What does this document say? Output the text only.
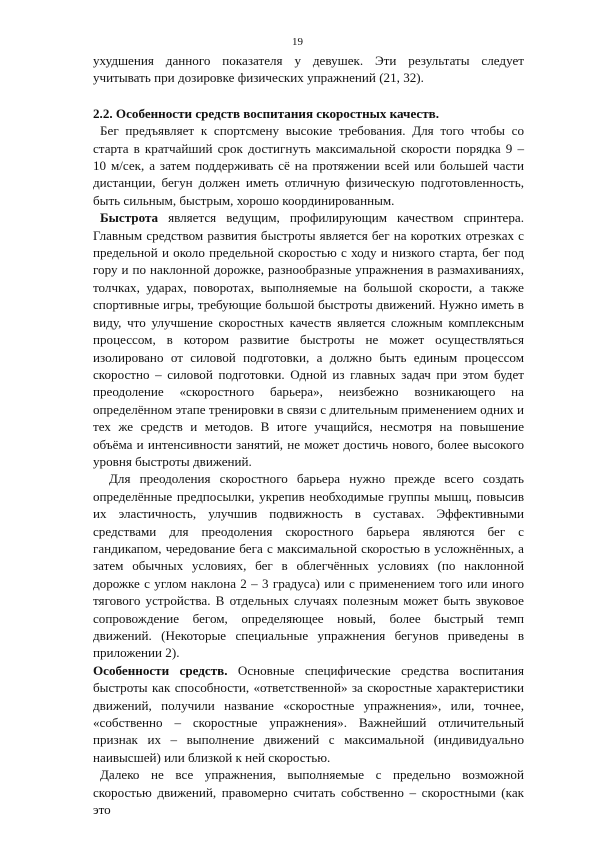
19

ухудшения данного показателя у девушек. Эти результаты следует учитывать при дозировке физических упражнений (21, 32).

2.2. Особенности средств воспитания скоростных качеств.

Бег предъявляет к спортсмену высокие требования. Для того чтобы со старта в кратчайший срок достигнуть максимальной скорости порядка 9 – 10 м/сек, а затем поддерживать сё на протяжении всей или большей части дистанции, бегун должен иметь отличную физическую подготовленность, быть сильным, быстрым, хорошо координированным.

Быстрота является ведущим, профилирующим качеством спринтера. Главным средством развития быстроты является бег на коротких отрезках с предельной и около предельной скоростью с ходу и низкого старта, бег под гору и по наклонной дорожке, разнообразные упражнения в размахиваниях, толчках, ударах, поворотах, выполняемые на большой скорости, а также спортивные игры, требующие большой быстроты движений. Нужно иметь в виду, что улучшение скоростных качеств является сложным комплексным процессом, в котором развитие быстроты не может осуществляться изолировано от силовой подготовки, а должно быть единым процессом скоростно – силовой подготовки. Одной из главных задач при этом будет преодоление «скоростного барьера», неизбежно возникающего на определённом этапе тренировки в связи с длительным применением одних и тех же средств и методов. В итоге учащийся, несмотря на повышение объёма и интенсивности занятий, не может достичь нового, более высокого уровня быстроты движений.

Для преодоления скоростного барьера нужно прежде всего создать определённые предпосылки, укрепив необходимые группы мышц, повысив их эластичность, улучшив подвижность в суставах. Эффективными средствами для преодоления скоростного барьера являются бег с гандикапом, чередование бега с максимальной скоростью в усложнённых, а затем обычных условиях, бег в облегчённых условиях (по наклонной дорожке с углом наклона 2 – 3 градуса) или с применением того или иного тягового устройства. В отдельных случаях полезным может быть звуковое сопровождение бегом, определяющее новый, более быстрый темп движений. (Некоторые специальные упражнения бегунов приведены в приложении 2).

Особенности средств. Основные специфические средства воспитания быстроты как способности, «ответственной» за скоростные характеристики движений, получили название «скоростные упражнения», или, точнее, «собственно – скоростные упражнения». Важнейший отличительный признак их – выполнение движений с максимальной (индивидуально наивысшей) или близкой к ней скоростью.

Далеко не все упражнения, выполняемые с предельно возможной скоростью движений, правомерно считать собственно – скоростными (как это
